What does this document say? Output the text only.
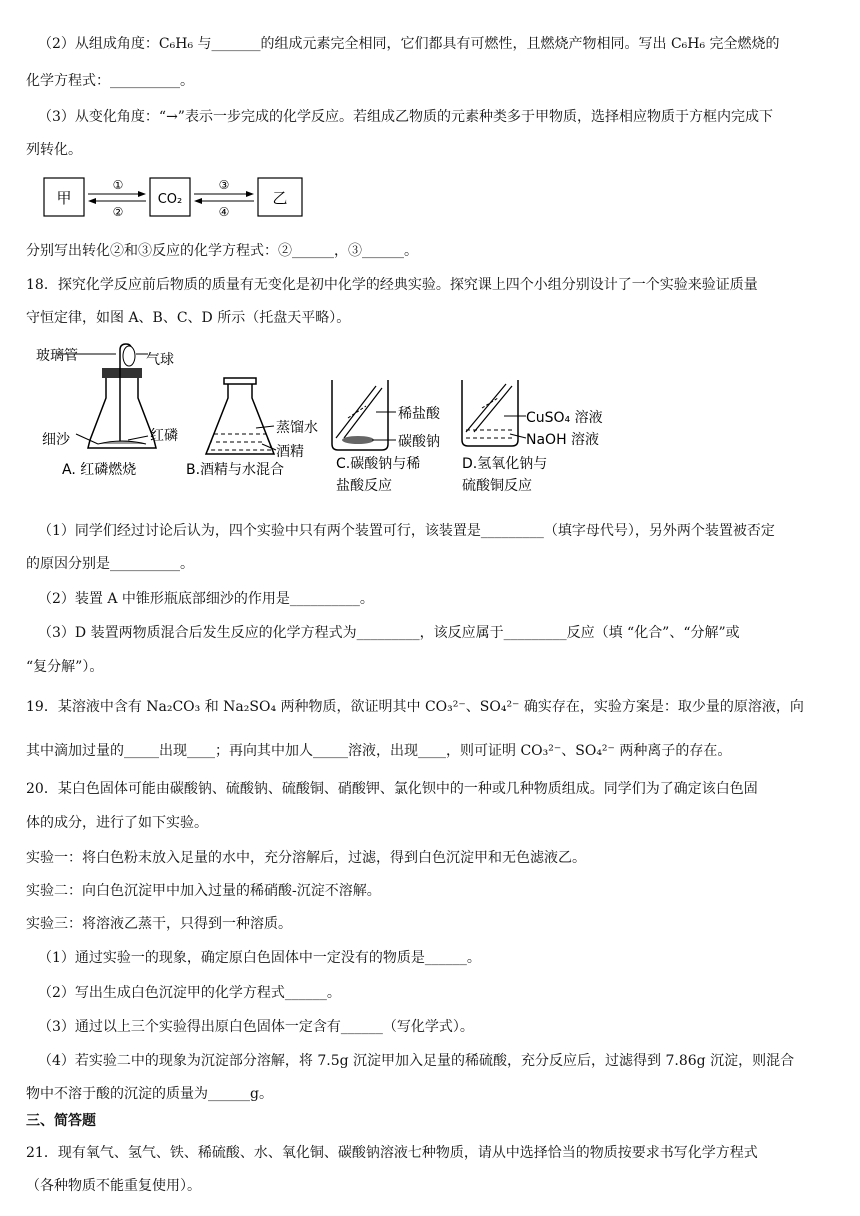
（2）从组成角度：C₆H₆ 与_______的组成元素完全相同，它们都具有可燃性，且燃烧产物相同。写出 C₆H₆ 完全燃烧的
化学方程式：__________。
（3）从变化角度：“→”表示一步完成的化学反应。若组成乙物质的元素种类多于甲物质，选择相应物质于方框内完成下
列转化。
甲	CO₂	乙
①
②
③
④
分别写出转化②和③反应的化学方程式：②______，③______。
18．探究化学反应前后物质的质量有无变化是初中化学的经典实验。探究课上四个小组分别设计了一个实验来验证质量
守恒定律，如图 A、B、C、D 所示（托盘天平略）。
玻璃管	气球
细沙	红磷
A. 红磷燃烧
蒸馏水
酒精
B.酒精与水混合
稀盐酸
碳酸钠
C.碳酸钠与稀
盐酸反应
CuSO₄ 溶液
NaOH 溶液
D.氢氧化钠与
硫酸铜反应
（1）同学们经过讨论后认为，四个实验中只有两个装置可行，该装置是_________（填字母代号），另外两个装置被否定
的原因分别是__________。
（2）装置 A 中锥形瓶底部细沙的作用是__________。
（3）D 装置两物质混合后发生反应的化学方程式为_________，该反应属于_________反应（填 “化合”、“分解”或
“复分解”）。
19．某溶液中含有 Na₂CO₃ 和 Na₂SO₄ 两种物质，欲证明其中 CO₃²⁻、SO₄²⁻ 确实存在，实验方案是：取少量的原溶液，向
其中滴加过量的_____出现____；再向其中加人_____溶液，出现____，则可证明 CO₃²⁻、SO₄²⁻ 两种离子的存在。
20．某白色固体可能由碳酸钠、硫酸钠、硫酸铜、硝酸钾、氯化钡中的一种或几种物质组成。同学们为了确定该白色固
体的成分，进行了如下实验。
实验一：将白色粉末放入足量的水中，充分溶解后，过滤，得到白色沉淀甲和无色滤液乙。
实验二：向白色沉淀甲中加入过量的稀硝酸-沉淀不溶解。
实验三：将溶液乙蒸干，只得到一种溶质。
（1）通过实验一的现象，确定原白色固体中一定没有的物质是______。
（2）写出生成白色沉淀甲的化学方程式______。
（3）通过以上三个实验得出原白色固体一定含有______（写化学式）。
（4）若实验二中的现象为沉淀部分溶解，将 7.5g 沉淀甲加入足量的稀硫酸，充分反应后，过滤得到 7.86g 沉淀，则混合
物中不溶于酸的沉淀的质量为______g。
三、简答题
21．现有氧气、氢气、铁、稀硫酸、水、氧化铜、碳酸钠溶液七种物质，请从中选择恰当的物质按要求书写化学方程式
（各种物质不能重复使用）。
